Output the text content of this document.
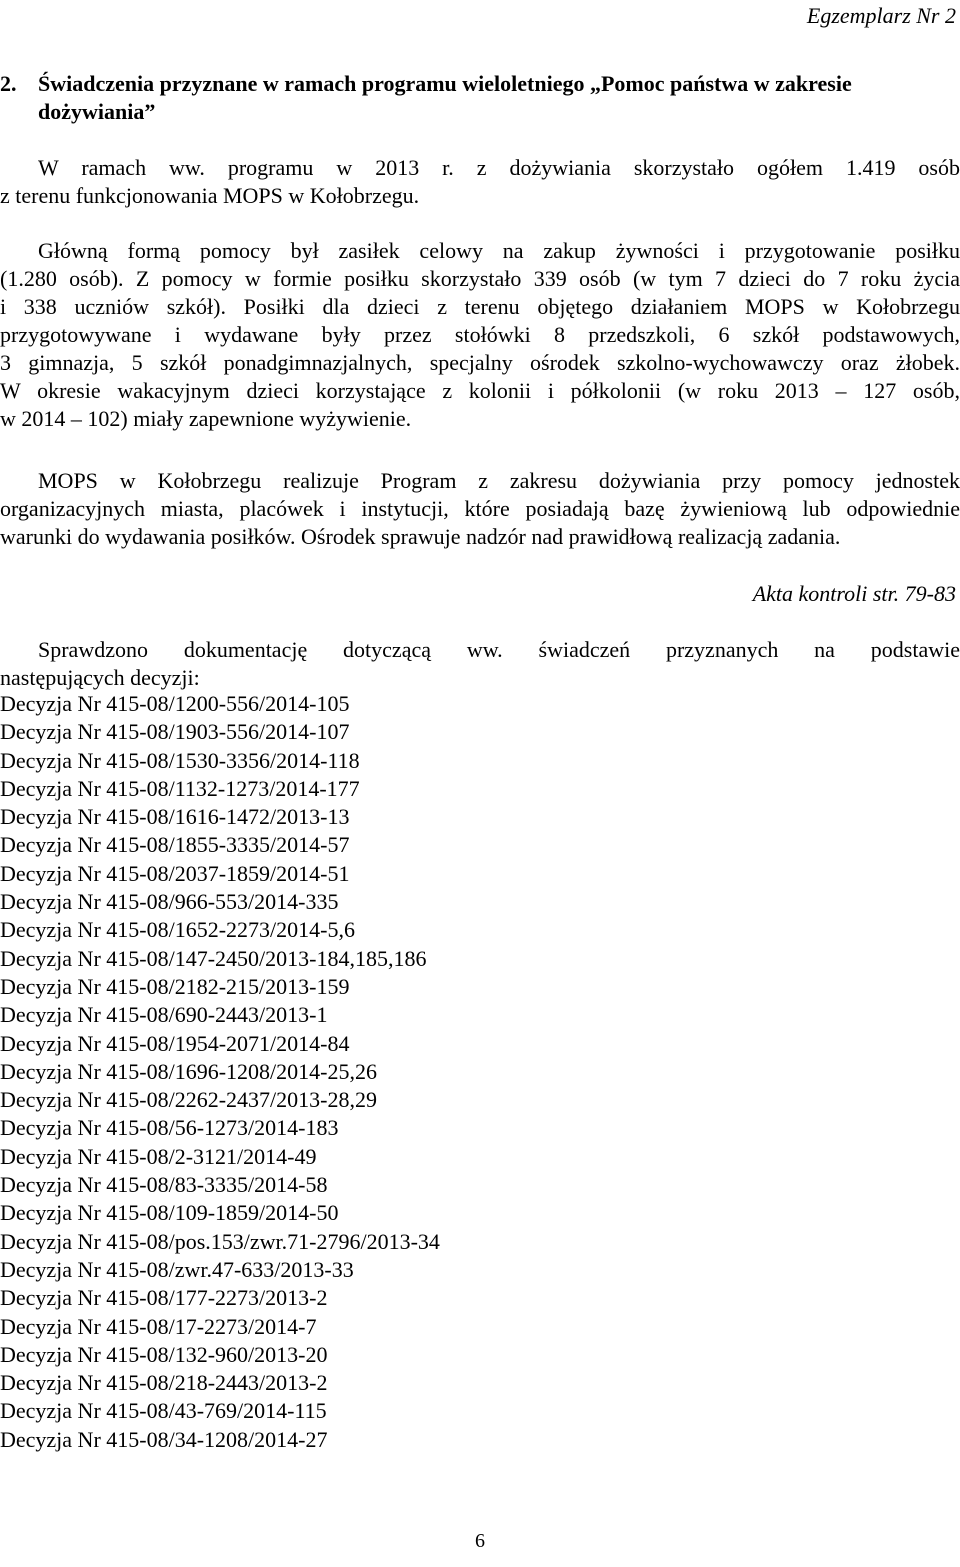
Egzemplarz Nr 2
2. Świadczenia przyznane w ramach programu wieloletniego „Pomoc państwa w zakresie
dożywiania”

W ramach ww. programu w 2013 r. z dożywiania skorzystało ogółem 1.419 osób
z terenu funkcjonowania MOPS w Kołobrzegu.

Główną formą pomocy był zasiłek celowy na zakup żywności i przygotowanie posiłku
(1.280 osób). Z pomocy w formie posiłku skorzystało 339 osób (w tym 7 dzieci do 7 roku życia
i 338 uczniów szkół). Posiłki dla dzieci z terenu objętego działaniem MOPS w Kołobrzegu
przygotowywane i wydawane były przez stołówki 8 przedszkoli, 6 szkół podstawowych,
3 gimnazja, 5 szkół ponadgimnazjalnych, specjalny ośrodek szkolno-wychowawczy oraz żłobek.
W okresie wakacyjnym dzieci korzystające z kolonii i półkolonii (w roku 2013 – 127 osób,
w 2014 – 102) miały zapewnione wyżywienie.

MOPS w Kołobrzegu realizuje Program z zakresu dożywiania przy pomocy jednostek
organizacyjnych miasta, placówek i instytucji, które posiadają bazę żywieniową lub odpowiednie
warunki do wydawania posiłków. Ośrodek sprawuje nadzór nad prawidłową realizacją zadania.

Akta kontroli str. 79-83

Sprawdzono dokumentację dotyczącą ww. świadczeń przyznanych na podstawie
następujących decyzji:

Decyzja Nr 415-08/1200-556/2014-105
Decyzja Nr 415-08/1903-556/2014-107
Decyzja Nr 415-08/1530-3356/2014-118
Decyzja Nr 415-08/1132-1273/2014-177
Decyzja Nr 415-08/1616-1472/2013-13
Decyzja Nr 415-08/1855-3335/2014-57
Decyzja Nr 415-08/2037-1859/2014-51
Decyzja Nr 415-08/966-553/2014-335
Decyzja Nr 415-08/1652-2273/2014-5,6
Decyzja Nr 415-08/147-2450/2013-184,185,186
Decyzja Nr 415-08/2182-215/2013-159
Decyzja Nr 415-08/690-2443/2013-1
Decyzja Nr 415-08/1954-2071/2014-84
Decyzja Nr 415-08/1696-1208/2014-25,26
Decyzja Nr 415-08/2262-2437/2013-28,29
Decyzja Nr 415-08/56-1273/2014-183
Decyzja Nr 415-08/2-3121/2014-49
Decyzja Nr 415-08/83-3335/2014-58
Decyzja Nr 415-08/109-1859/2014-50
Decyzja Nr 415-08/pos.153/zwr.71-2796/2013-34
Decyzja Nr 415-08/zwr.47-633/2013-33
Decyzja Nr 415-08/177-2273/2013-2
Decyzja Nr 415-08/17-2273/2014-7
Decyzja Nr 415-08/132-960/2013-20
Decyzja Nr 415-08/218-2443/2013-2
Decyzja Nr 415-08/43-769/2014-115
Decyzja Nr 415-08/34-1208/2014-27
6
